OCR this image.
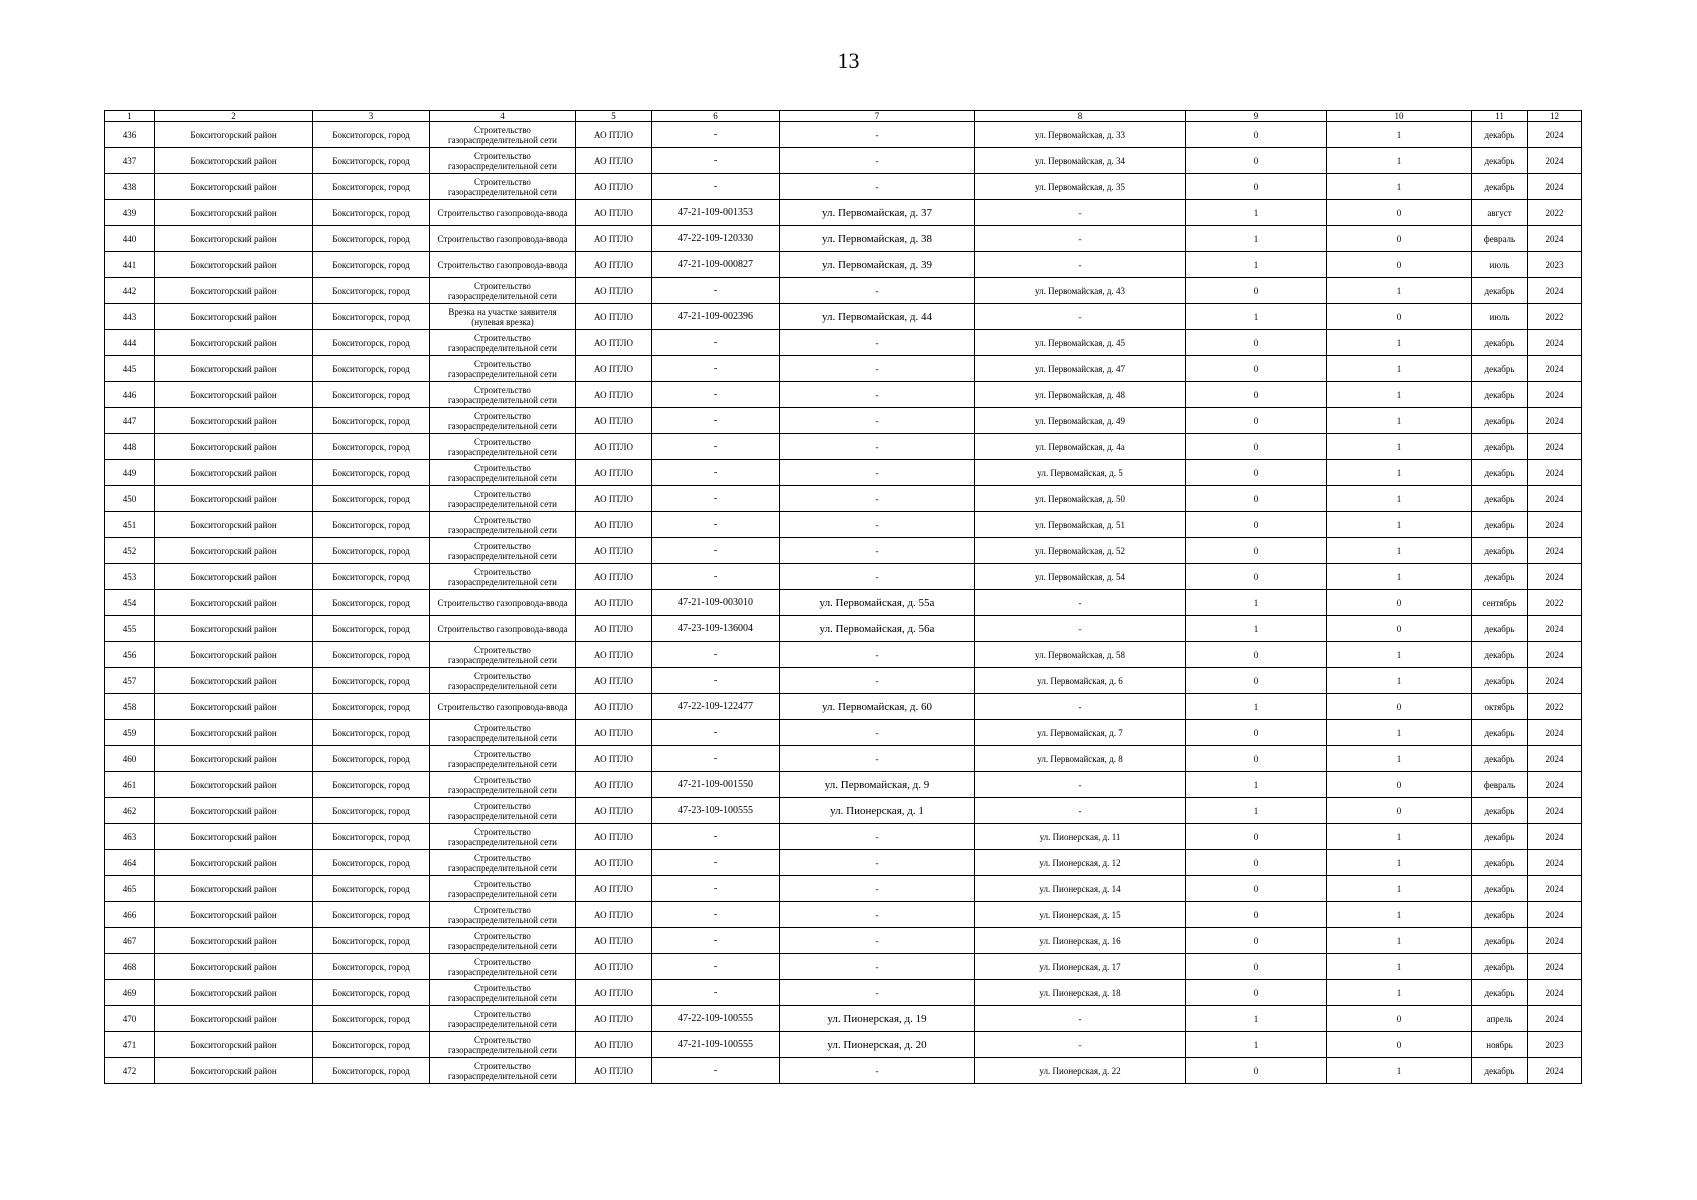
13
1	2	3	4	5	6	7	8	9	10	11	12
436	Бокситогорский район	Бокситогорск, город	Строительство газораспределительной сети	АО ПТЛО	-	-	ул. Первомайская, д. 33	0	1	декабрь	2024
437	Бокситогорский район	Бокситогорск, город	Строительство газораспределительной сети	АО ПТЛО	-	-	ул. Первомайская, д. 34	0	1	декабрь	2024
438	Бокситогорский район	Бокситогорск, город	Строительство газораспределительной сети	АО ПТЛО	-	-	ул. Первомайская, д. 35	0	1	декабрь	2024
439	Бокситогорский район	Бокситогорск, город	Строительство газопровода-ввода	АО ПТЛО	47-21-109-001353	ул. Первомайская, д. 37	-	1	0	август	2022
440	Бокситогорский район	Бокситогорск, город	Строительство газопровода-ввода	АО ПТЛО	47-22-109-120330	ул. Первомайская, д. 38	-	1	0	февраль	2024
441	Бокситогорский район	Бокситогорск, город	Строительство газопровода-ввода	АО ПТЛО	47-21-109-000827	ул. Первомайская, д. 39	-	1	0	июль	2023
442	Бокситогорский район	Бокситогорск, город	Строительство газораспределительной сети	АО ПТЛО	-	-	ул. Первомайская, д. 43	0	1	декабрь	2024
443	Бокситогорский район	Бокситогорск, город	Врезка на участке заявителя (нулевая врезка)	АО ПТЛО	47-21-109-002396	ул. Первомайская, д. 44	-	1	0	июль	2022
444	Бокситогорский район	Бокситогорск, город	Строительство газораспределительной сети	АО ПТЛО	-	-	ул. Первомайская, д. 45	0	1	декабрь	2024
445	Бокситогорский район	Бокситогорск, город	Строительство газораспределительной сети	АО ПТЛО	-	-	ул. Первомайская, д. 47	0	1	декабрь	2024
446	Бокситогорский район	Бокситогорск, город	Строительство газораспределительной сети	АО ПТЛО	-	-	ул. Первомайская, д. 48	0	1	декабрь	2024
447	Бокситогорский район	Бокситогорск, город	Строительство газораспределительной сети	АО ПТЛО	-	-	ул. Первомайская, д. 49	0	1	декабрь	2024
448	Бокситогорский район	Бокситогорск, город	Строительство газораспределительной сети	АО ПТЛО	-	-	ул. Первомайская, д. 4а	0	1	декабрь	2024
449	Бокситогорский район	Бокситогорск, город	Строительство газораспределительной сети	АО ПТЛО	-	-	ул. Первомайская, д. 5	0	1	декабрь	2024
450	Бокситогорский район	Бокситогорск, город	Строительство газораспределительной сети	АО ПТЛО	-	-	ул. Первомайская, д. 50	0	1	декабрь	2024
451	Бокситогорский район	Бокситогорск, город	Строительство газораспределительной сети	АО ПТЛО	-	-	ул. Первомайская, д. 51	0	1	декабрь	2024
452	Бокситогорский район	Бокситогорск, город	Строительство газораспределительной сети	АО ПТЛО	-	-	ул. Первомайская, д. 52	0	1	декабрь	2024
453	Бокситогорский район	Бокситогорск, город	Строительство газораспределительной сети	АО ПТЛО	-	-	ул. Первомайская, д. 54	0	1	декабрь	2024
454	Бокситогорский район	Бокситогорск, город	Строительство газопровода-ввода	АО ПТЛО	47-21-109-003010	ул. Первомайская, д. 55а	-	1	0	сентябрь	2022
455	Бокситогорский район	Бокситогорск, город	Строительство газопровода-ввода	АО ПТЛО	47-23-109-136004	ул. Первомайская, д. 56а	-	1	0	декабрь	2024
456	Бокситогорский район	Бокситогорск, город	Строительство газораспределительной сети	АО ПТЛО	-	-	ул. Первомайская, д. 58	0	1	декабрь	2024
457	Бокситогорский район	Бокситогорск, город	Строительство газораспределительной сети	АО ПТЛО	-	-	ул. Первомайская, д. 6	0	1	декабрь	2024
458	Бокситогорский район	Бокситогорск, город	Строительство газопровода-ввода	АО ПТЛО	47-22-109-122477	ул. Первомайская, д. 60	-	1	0	октябрь	2022
459	Бокситогорский район	Бокситогорск, город	Строительство газораспределительной сети	АО ПТЛО	-	-	ул. Первомайская, д. 7	0	1	декабрь	2024
460	Бокситогорский район	Бокситогорск, город	Строительство газораспределительной сети	АО ПТЛО	-	-	ул. Первомайская, д. 8	0	1	декабрь	2024
461	Бокситогорский район	Бокситогорск, город	Строительство газораспределительной сети	АО ПТЛО	47-21-109-001550	ул. Первомайская, д. 9	-	1	0	февраль	2024
462	Бокситогорский район	Бокситогорск, город	Строительство газораспределительной сети	АО ПТЛО	47-23-109-100555	ул. Пионерская, д. 1	-	1	0	декабрь	2024
463	Бокситогорский район	Бокситогорск, город	Строительство газораспределительной сети	АО ПТЛО	-	-	ул. Пионерская, д. 11	0	1	декабрь	2024
464	Бокситогорский район	Бокситогорск, город	Строительство газораспределительной сети	АО ПТЛО	-	-	ул. Пионерская, д. 12	0	1	декабрь	2024
465	Бокситогорский район	Бокситогорск, город	Строительство газораспределительной сети	АО ПТЛО	-	-	ул. Пионерская, д. 14	0	1	декабрь	2024
466	Бокситогорский район	Бокситогорск, город	Строительство газораспределительной сети	АО ПТЛО	-	-	ул. Пионерская, д. 15	0	1	декабрь	2024
467	Бокситогорский район	Бокситогорск, город	Строительство газораспределительной сети	АО ПТЛО	-	-	ул. Пионерская, д. 16	0	1	декабрь	2024
468	Бокситогорский район	Бокситогорск, город	Строительство газораспределительной сети	АО ПТЛО	-	-	ул. Пионерская, д. 17	0	1	декабрь	2024
469	Бокситогорский район	Бокситогорск, город	Строительство газораспределительной сети	АО ПТЛО	-	-	ул. Пионерская, д. 18	0	1	декабрь	2024
470	Бокситогорский район	Бокситогорск, город	Строительство газораспределительной сети	АО ПТЛО	47-22-109-100555	ул. Пионерская, д. 19	-	1	0	апрель	2024
471	Бокситогорский район	Бокситогорск, город	Строительство газораспределительной сети	АО ПТЛО	47-21-109-100555	ул. Пионерская, д. 20	-	1	0	ноябрь	2023
472	Бокситогорский район	Бокситогорск, город	Строительство газораспределительной сети	АО ПТЛО	-	-	ул. Пионерская, д. 22	0	1	декабрь	2024
